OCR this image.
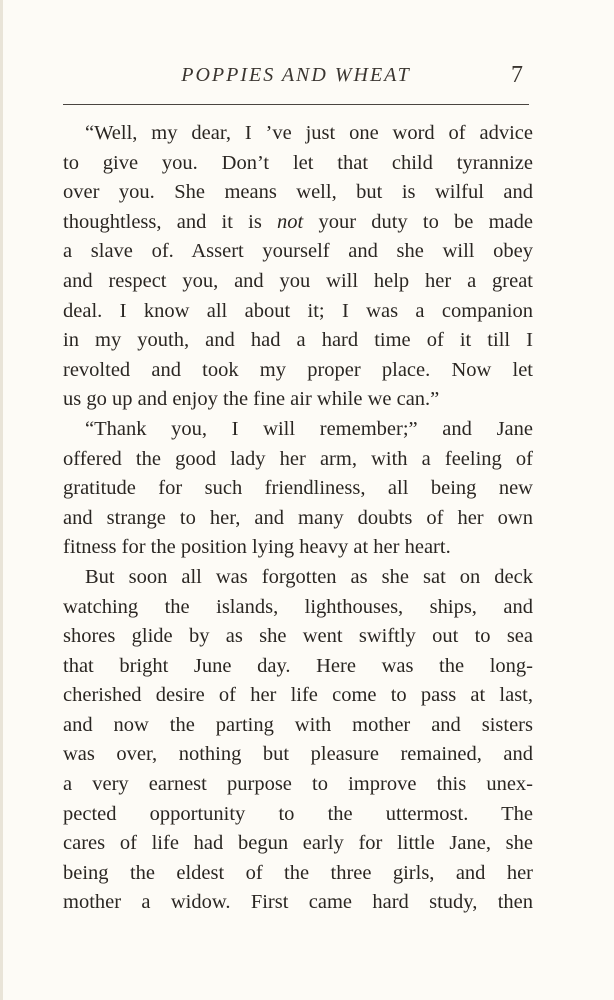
POPPIES AND WHEAT	7
“Well, my dear, I ’ve just one word of advice
to give you. Don’t let that child tyrannize
over you. She means well, but is wilful and
thoughtless, and it is not your duty to be made
a slave of. Assert yourself and she will obey
and respect you, and you will help her a great
deal. I know all about it; I was a companion
in my youth, and had a hard time of it till I
revolted and took my proper place. Now let
us go up and enjoy the fine air while we can.”
“Thank you, I will remember;” and Jane
offered the good lady her arm, with a feeling of
gratitude for such friendliness, all being new
and strange to her, and many doubts of her own
fitness for the position lying heavy at her heart.
But soon all was forgotten as she sat on deck
watching the islands, lighthouses, ships, and
shores glide by as she went swiftly out to sea
that bright June day. Here was the long-
cherished desire of her life come to pass at last,
and now the parting with mother and sisters
was over, nothing but pleasure remained, and
a very earnest purpose to improve this unex-
pected opportunity to the uttermost. The
cares of life had begun early for little Jane, she
being the eldest of the three girls, and her
mother a widow. First came hard study, then
